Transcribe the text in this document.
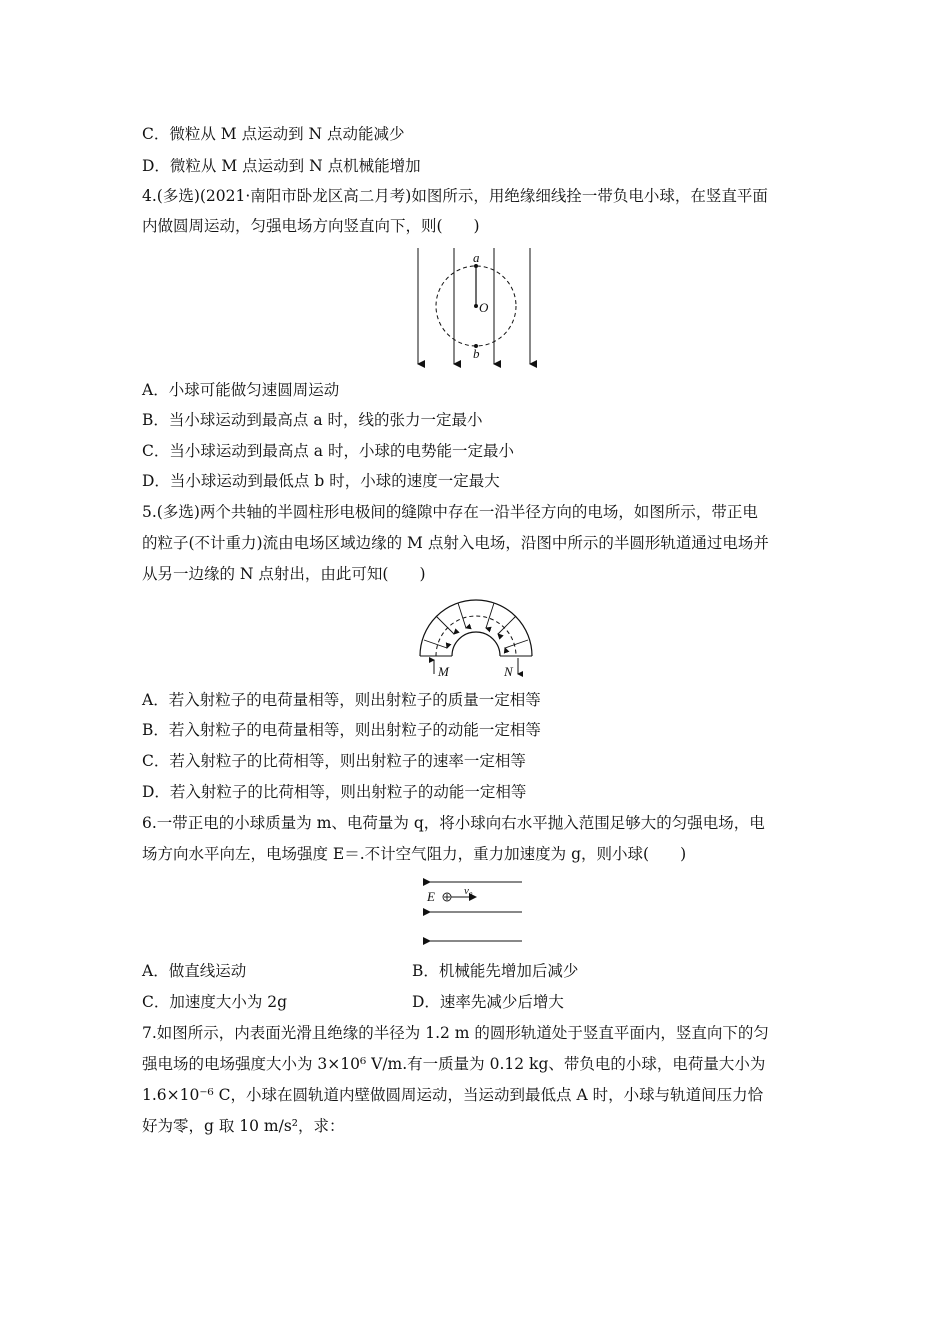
C．微粒从 M 点运动到 N 点动能减少
D．微粒从 M 点运动到 N 点机械能增加
4.(多选)(2021·南阳市卧龙区高二月考)如图所示，用绝缘细线拴一带负电小球，在竖直平面
内做圆周运动，匀强电场方向竖直向下，则(　　)
a
O
b
A．小球可能做匀速圆周运动
B．当小球运动到最高点 a 时，线的张力一定最小
C．当小球运动到最高点 a 时，小球的电势能一定最小
D．当小球运动到最低点 b 时，小球的速度一定最大
5.(多选)两个共轴的半圆柱形电极间的缝隙中存在一沿半径方向的电场，如图所示，带正电
的粒子(不计重力)流由电场区域边缘的 M 点射入电场，沿图中所示的半圆形轨道通过电场并
从另一边缘的 N 点射出，由此可知(　　)
M	N
A．若入射粒子的电荷量相等，则出射粒子的质量一定相等
B．若入射粒子的电荷量相等，则出射粒子的动能一定相等
C．若入射粒子的比荷相等，则出射粒子的速率一定相等
D．若入射粒子的比荷相等，则出射粒子的动能一定相等
6.一带正电的小球质量为 m、电荷量为 q，将小球向右水平抛入范围足够大的匀强电场，电
场方向水平向左，电场强度 E＝.不计空气阻力，重力加速度为 g，则小球(　　)
E	v₀
A．做直线运动	B．机械能先增加后减少
C．加速度大小为 2g	D．速率先减少后增大
7.如图所示，内表面光滑且绝缘的半径为 1.2 m 的圆形轨道处于竖直平面内，竖直向下的匀
强电场的电场强度大小为 3×10⁶ V/m.有一质量为 0.12 kg、带负电的小球，电荷量大小为
1.6×10⁻⁶ C，小球在圆轨道内壁做圆周运动，当运动到最低点 A 时，小球与轨道间压力恰
好为零，g 取 10 m/s²，求：
